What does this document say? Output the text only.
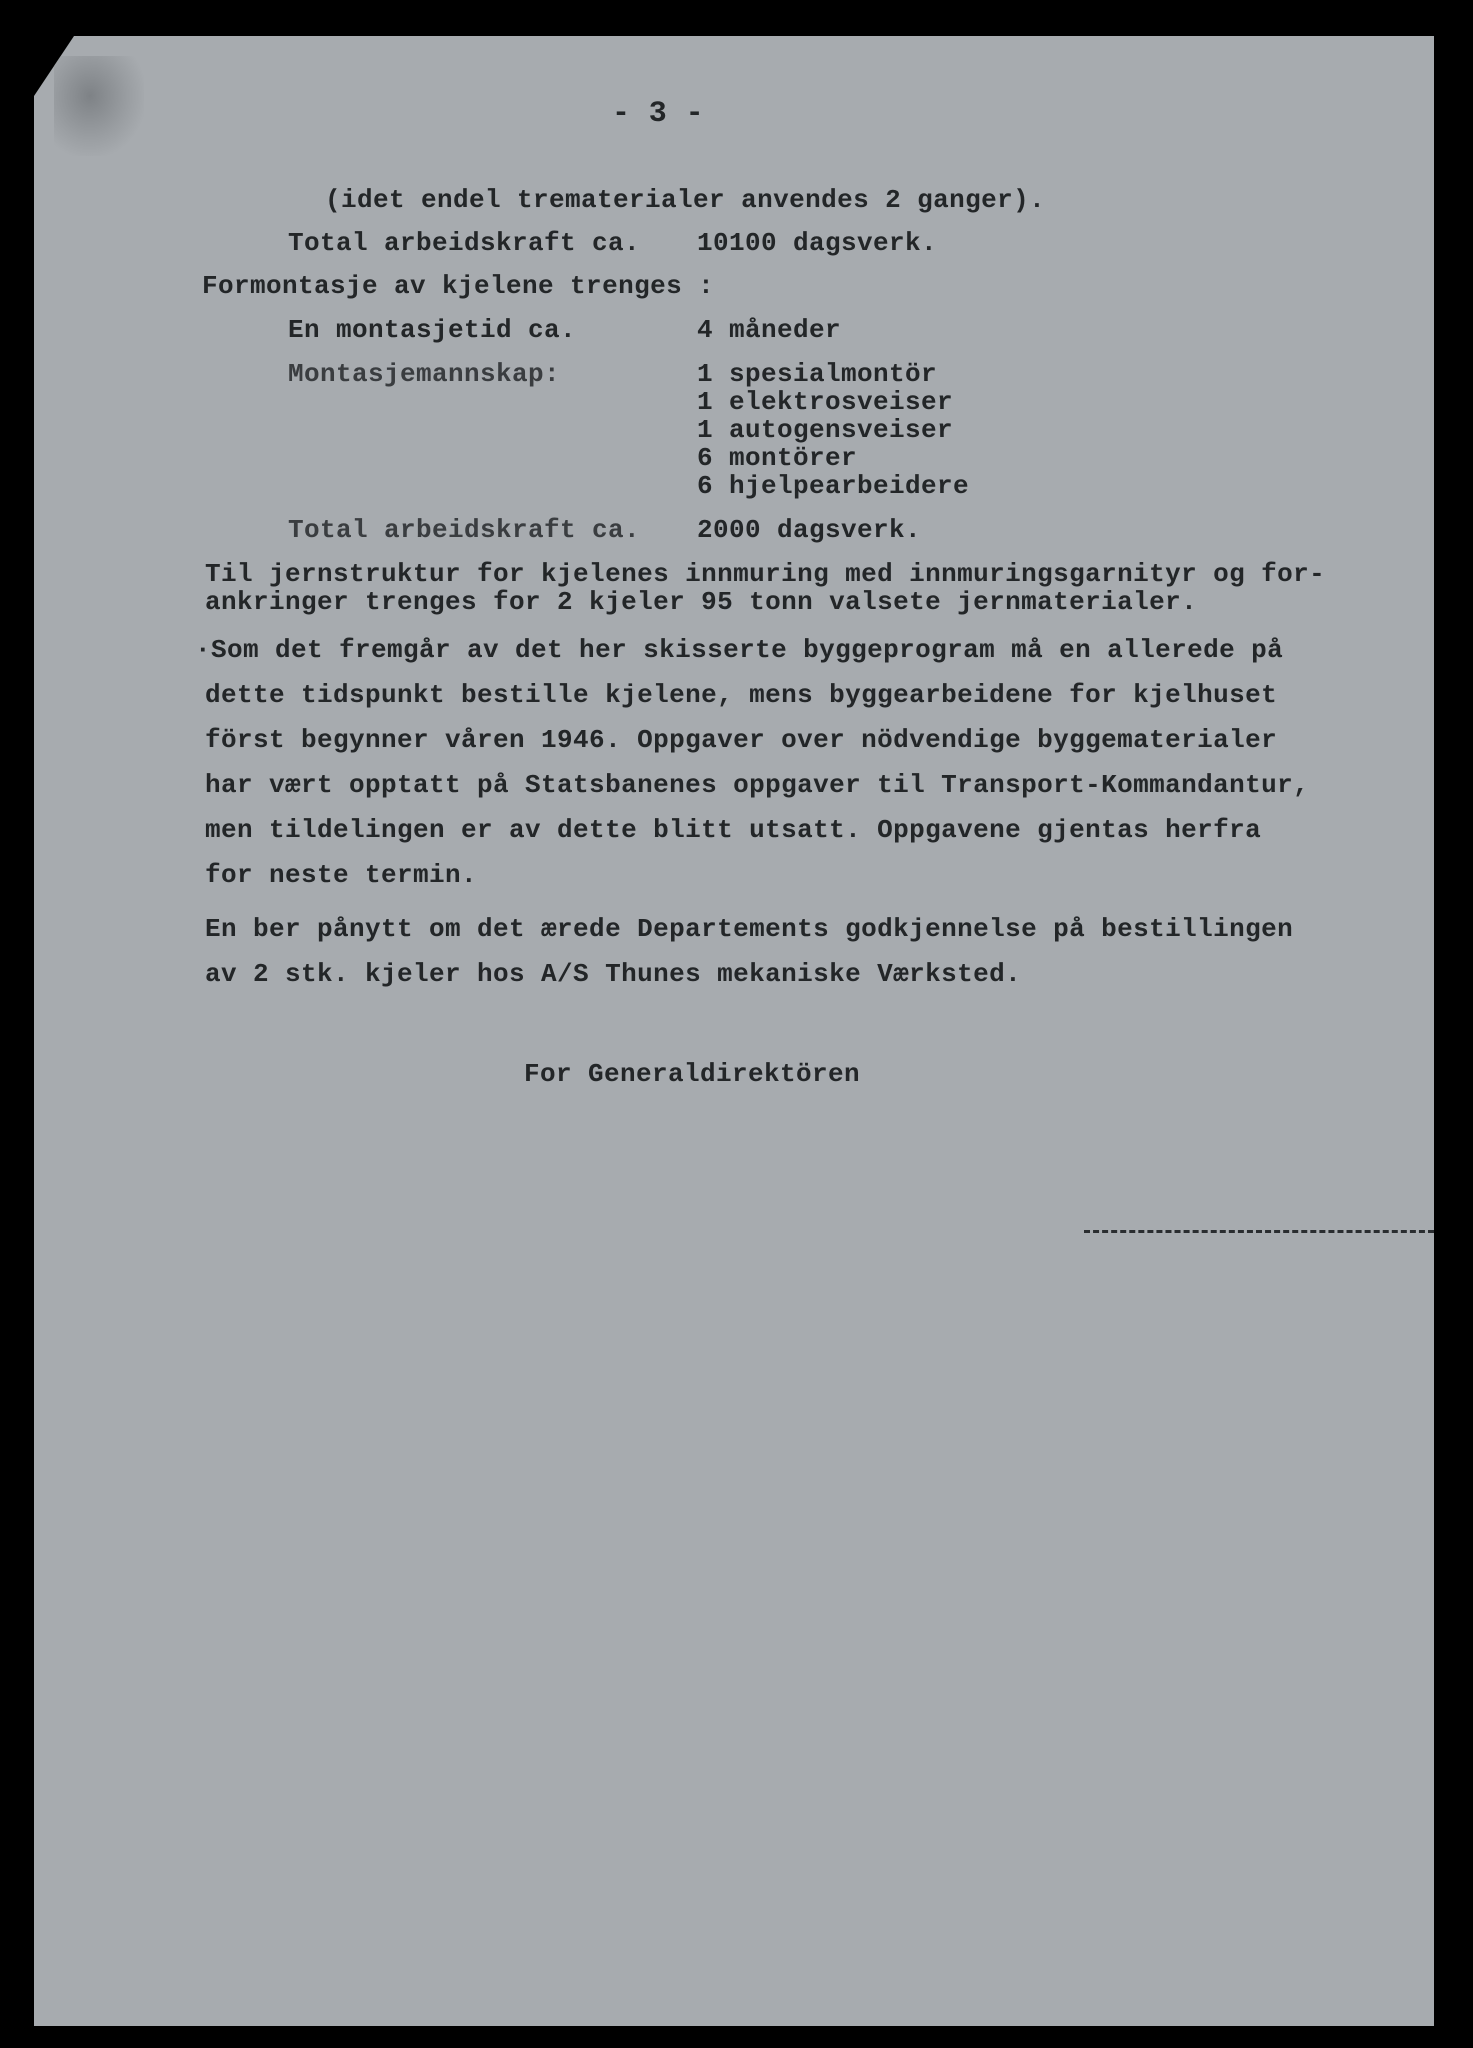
- 3 -
(idet endel trematerialer anvendes 2 ganger).
Total arbeidskraft ca. 10100 dagsverk.
Formontasje av kjelene trenges :
En montasjetid ca.	4 måneder
Montasjemannskap:	1 spesialmontör
1 elektrosveiser
1 autogensveiser
6 montörer
6 hjelpearbeidere
Total arbeidskraft ca. 2000 dagsverk.
Til jernstruktur for kjelenes innmuring med innmuringsgarnityr og for-
ankringer trenges for 2 kjeler 95 tonn valsete jernmaterialer.
·Som det fremgår av det her skisserte byggeprogram må en allerede på
dette tidspunkt bestille kjelene, mens byggearbeidene for kjelhuset
först begynner våren 1946. Oppgaver over nödvendige byggematerialer
har vært opptatt på Statsbanenes oppgaver til Transport-Kommandantur,
men tildelingen er av dette blitt utsatt. Oppgavene gjentas herfra
for neste termin.
En ber pånytt om det ærede Departements godkjennelse på bestillingen
av 2 stk. kjeler hos A/S Thunes mekaniske Værksted.
For Generaldirektören
